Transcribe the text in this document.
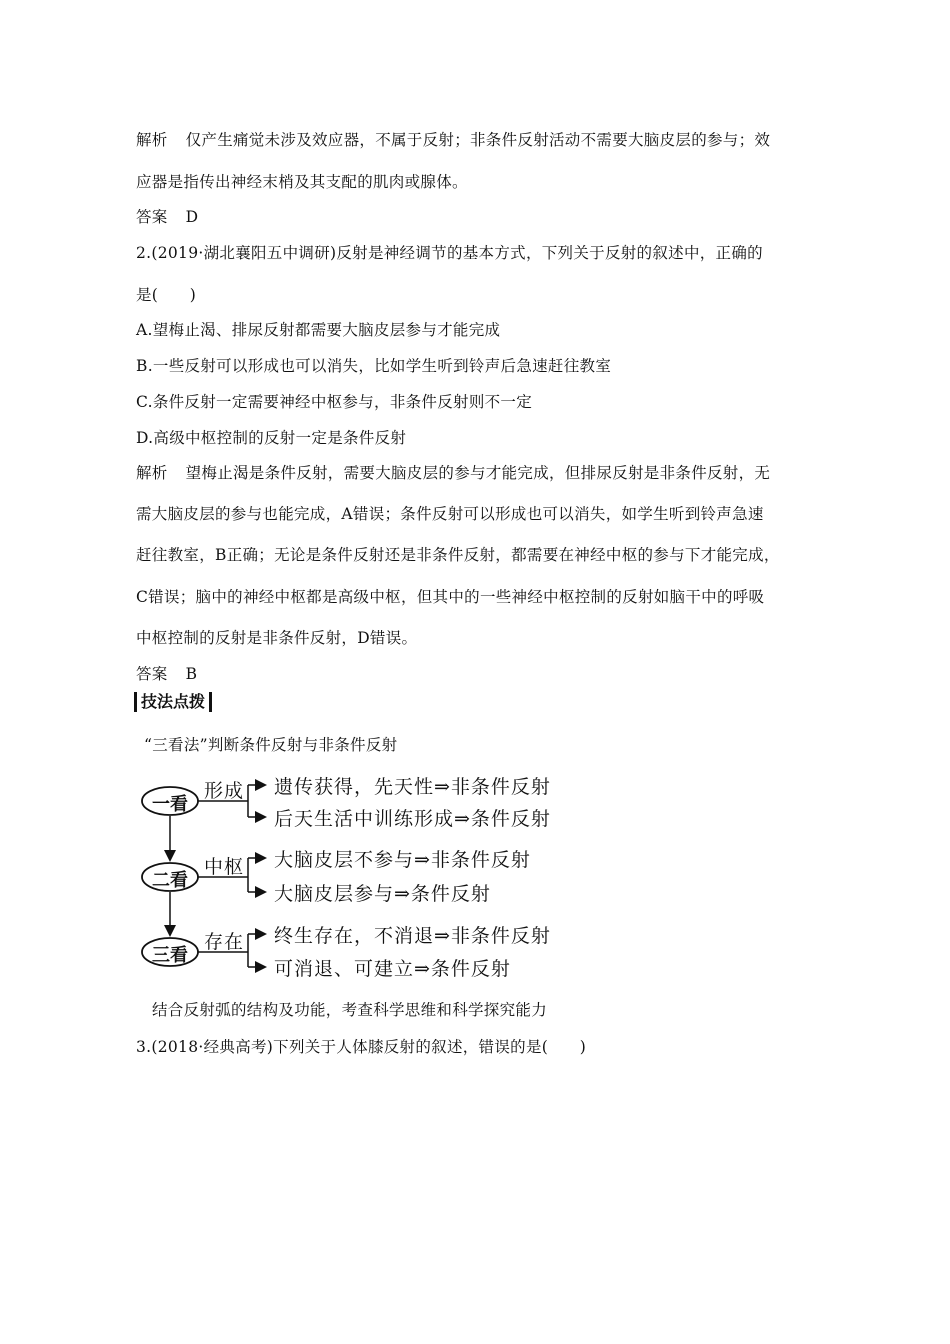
解析 仅产生痛觉未涉及效应器，不属于反射；非条件反射活动不需要大脑皮层的参与；效
应器是指传出神经末梢及其支配的肌肉或腺体。
答案 D
2.(2019·湖北襄阳五中调研)反射是神经调节的基本方式，下列关于反射的叙述中，正确的
是(　　)
A.望梅止渴、排尿反射都需要大脑皮层参与才能完成
B.一些反射可以形成也可以消失，比如学生听到铃声后急速赶往教室
C.条件反射一定需要神经中枢参与，非条件反射则不一定
D.高级中枢控制的反射一定是条件反射
解析 望梅止渴是条件反射，需要大脑皮层的参与才能完成，但排尿反射是非条件反射，无
需大脑皮层的参与也能完成，A错误；条件反射可以形成也可以消失，如学生听到铃声急速
赶往教室，B正确；无论是条件反射还是非条件反射，都需要在神经中枢的参与下才能完成，
C错误；脑中的神经中枢都是高级中枢，但其中的一些神经中枢控制的反射如脑干中的呼吸
中枢控制的反射是非条件反射，D错误。
答案 B
技法点拨
“三看法”判断条件反射与非条件反射
一看
二看
三看
形成
中枢
存在
遗传获得，先天性⇒非条件反射
后天生活中训练形成⇒条件反射
大脑皮层不参与⇒非条件反射
大脑皮层参与⇒条件反射
终生存在，不消退⇒非条件反射
可消退、可建立⇒条件反射
结合反射弧的结构及功能，考查科学思维和科学探究能力
3.(2018·经典高考)下列关于人体膝反射的叙述，错误的是(　　)
